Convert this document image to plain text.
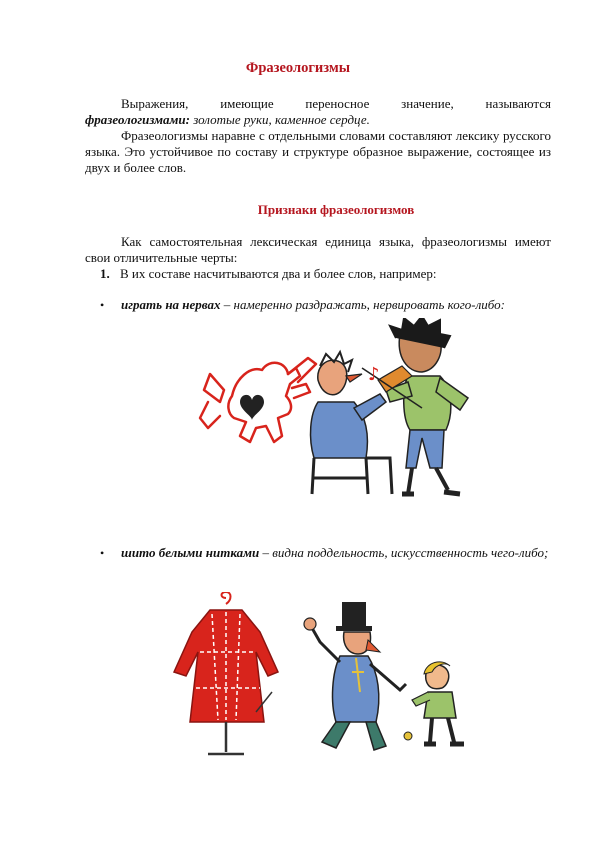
Фразеологизмы
Выражения, имеющие переносное значение, называются
фразеологизмами: золотые руки, каменное сердце.
Фразеологизмы наравне с отдельными словами составляют лексику русского языка. Это устойчивое по составу и структуре образное выражение, состоящее из двух и более слов.
Признаки фразеологизмов
Как самостоятельная лексическая единица языка, фразеологизмы имеют свои отличительные черты:
1. В их составе насчитываются два и более слов, например:
• играть на нервах – намеренно раздражать, нервировать кого-либо:
♪
• шито белыми нитками – видна поддельность, искусственность чего-либо;
